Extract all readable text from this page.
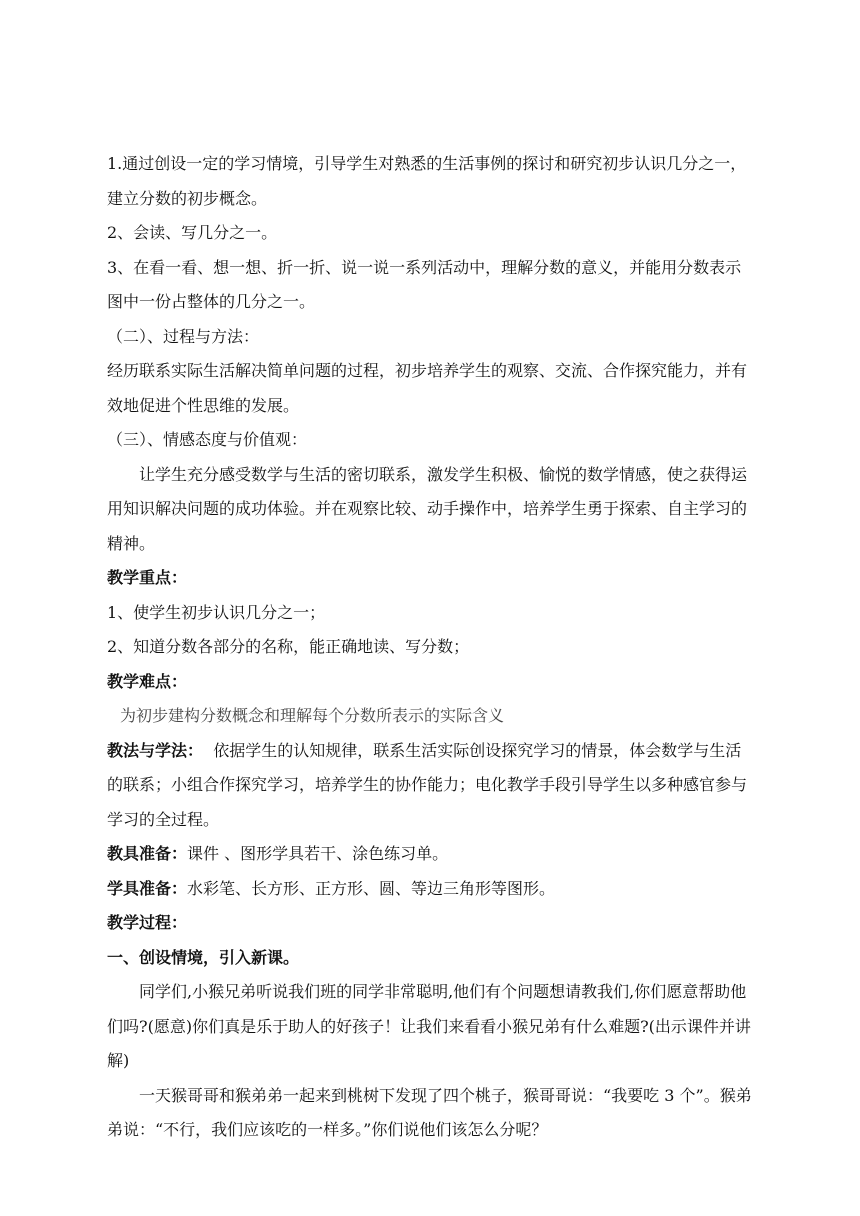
1.通过创设一定的学习情境，引导学生对熟悉的生活事例的探讨和研究初步认识几分之一，建立分数的初步概念。

2、会读、写几分之一。

3、在看一看、想一想、折一折、说一说一系列活动中，理解分数的意义，并能用分数表示图中一份占整体的几分之一。

（二）、过程与方法：

经历联系实际生活解决简单问题的过程，初步培养学生的观察、交流、合作探究能力，并有效地促进个性思维的发展。

（三）、情感态度与价值观：

让学生充分感受数学与生活的密切联系，激发学生积极、愉悦的数学情感，使之获得运用知识解决问题的成功体验。并在观察比较、动手操作中，培养学生勇于探索、自主学习的精神。

教学重点：

1、使学生初步认识几分之一；

2、知道分数各部分的名称，能正确地读、写分数；

教学难点：

为初步建构分数概念和理解每个分数所表示的实际含义

教法与学法： 依据学生的认知规律，联系生活实际创设探究学习的情景，体会数学与生活的联系；小组合作探究学习，培养学生的协作能力；电化教学手段引导学生以多种感官参与学习的全过程。

教具准备：课件 、图形学具若干、涂色练习单。

学具准备：水彩笔、长方形、正方形、圆、等边三角形等图形。

教学过程：

一、创设情境，引入新课。

同学们,小猴兄弟听说我们班的同学非常聪明,他们有个问题想请教我们,你们愿意帮助他们吗?(愿意)你们真是乐于助人的好孩子！让我们来看看小猴兄弟有什么难题?(出示课件并讲解)

一天猴哥哥和猴弟弟一起来到桃树下发现了四个桃子，猴哥哥说：“我要吃 3 个”。猴弟弟说：“不行，我们应该吃的一样多。”你们说他们该怎么分呢？
